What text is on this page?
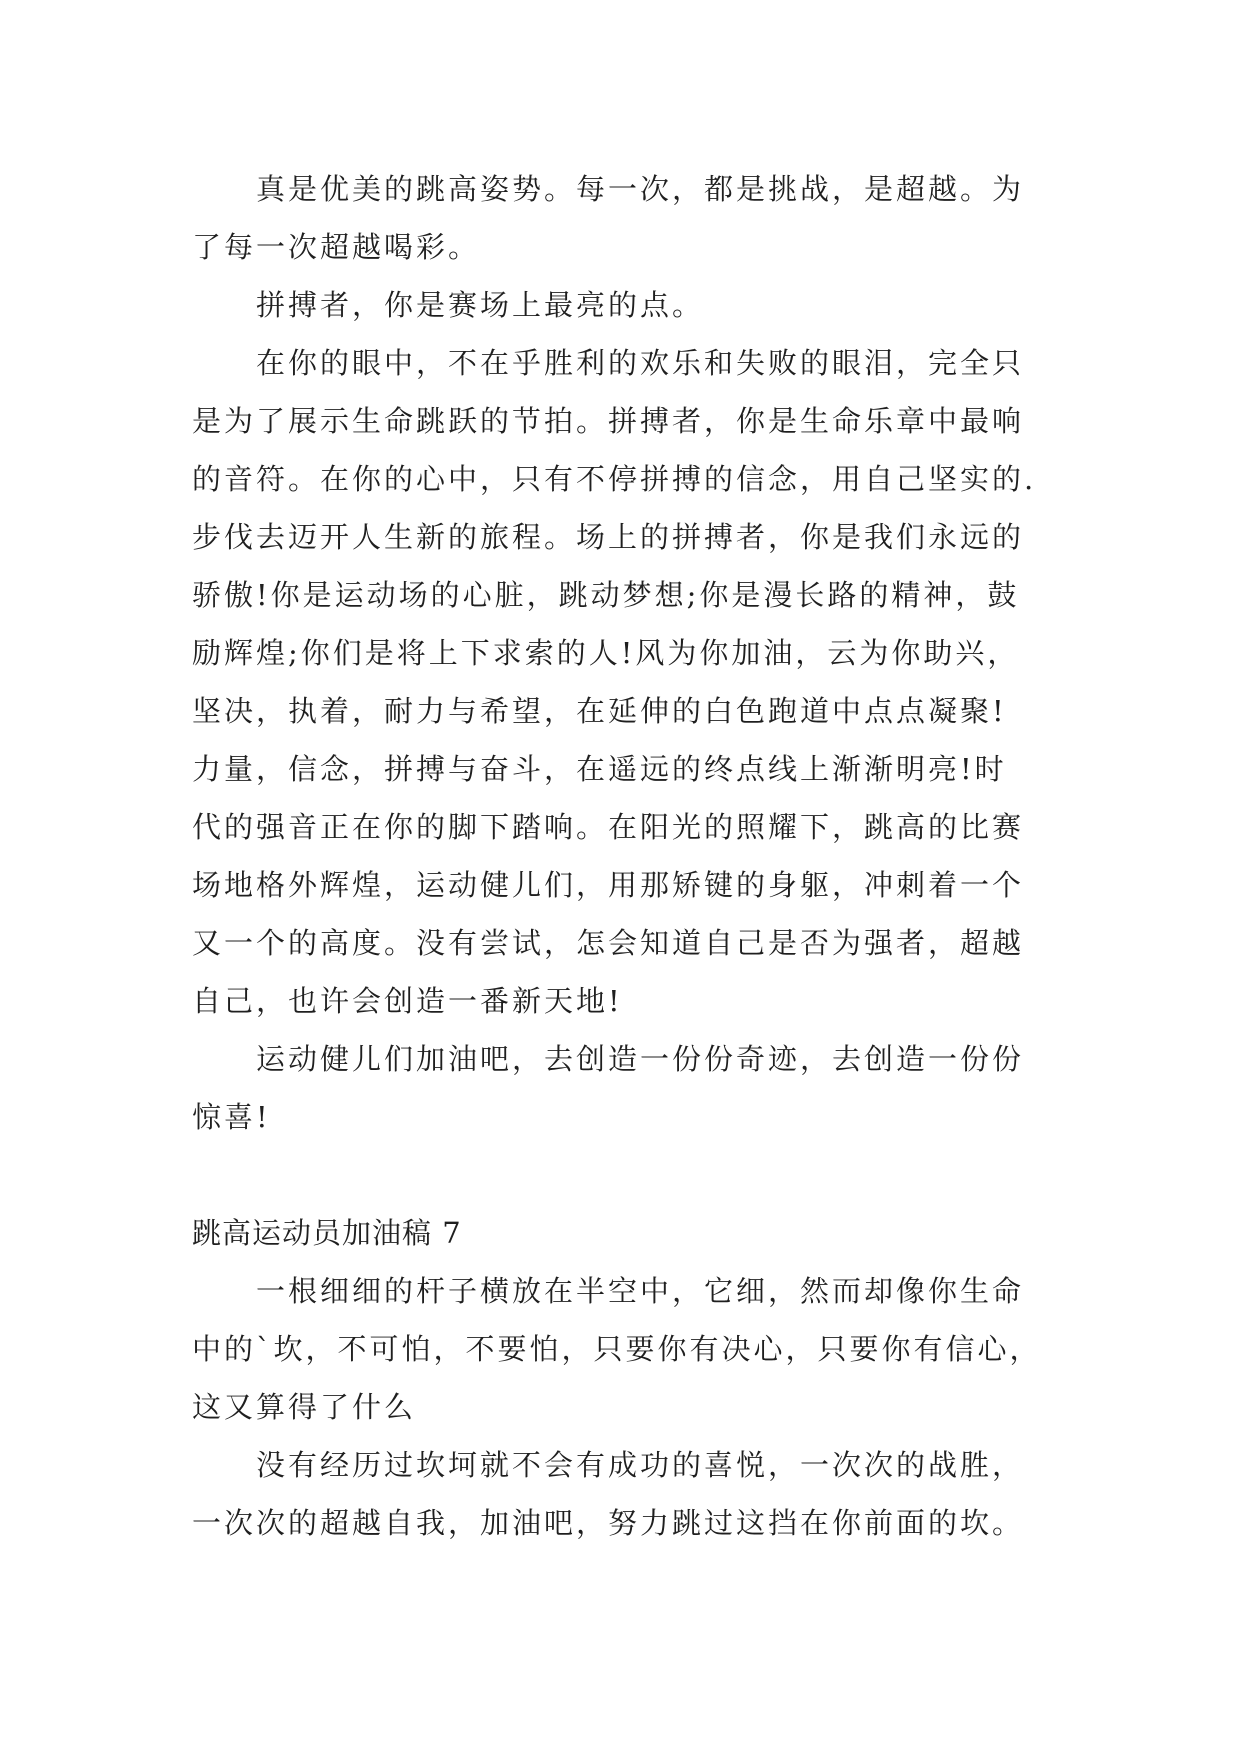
真是优美的跳高姿势。每一次，都是挑战，是超越。为
了每一次超越喝彩。
拼搏者，你是赛场上最亮的点。
在你的眼中，不在乎胜利的欢乐和失败的眼泪，完全只
是为了展示生命跳跃的节拍。拼搏者，你是生命乐章中最响
的音符。在你的心中，只有不停拼搏的信念，用自己坚实的.
步伐去迈开人生新的旅程。场上的拼搏者，你是我们永远的
骄傲!你是运动场的心脏，跳动梦想;你是漫长路的精神，鼓
励辉煌;你们是将上下求索的人!风为你加油，云为你助兴，
坚决，执着，耐力与希望，在延伸的白色跑道中点点凝聚!
力量，信念，拼搏与奋斗，在遥远的终点线上渐渐明亮!时
代的强音正在你的脚下踏响。在阳光的照耀下，跳高的比赛
场地格外辉煌，运动健儿们，用那矫键的身躯，冲刺着一个
又一个的高度。没有尝试，怎会知道自己是否为强者，超越
自己，也许会创造一番新天地!
运动健儿们加油吧，去创造一份份奇迹，去创造一份份
惊喜!
跳高运动员加油稿 7
一根细细的杆子横放在半空中，它细，然而却像你生命
中的`坎，不可怕，不要怕，只要你有决心，只要你有信心，
这又算得了什么
没有经历过坎坷就不会有成功的喜悦，一次次的战胜，
一次次的超越自我，加油吧，努力跳过这挡在你前面的坎。
